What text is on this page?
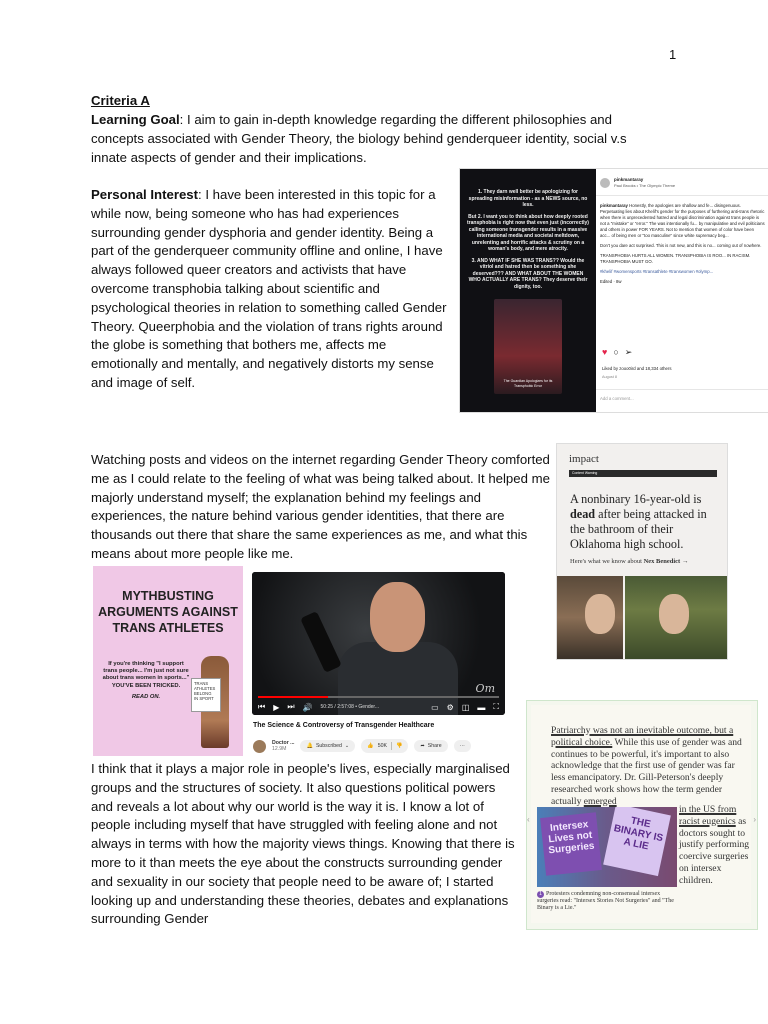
1
Criteria A
Learning Goal: I aim to gain in-depth knowledge regarding the different philosophies and concepts associated with Gender Theory, the biology behind genderqueer identity, social v.s innate aspects of gender and their implications.
Personal Interest: I have been interested in this topic for a while now, being someone who has had experiences surrounding gender dysphoria and gender identity. Being a part of the genderqueer community offline and online, I have always followed queer creators and activists that have overcome transphobia talking about scientific and psychological theories in relation to something called Gender Theory. Queerphobia and the violation of trans rights around the globe is something that bothers me, affects me emotionally and mentally, and negatively distorts my sense and image of self.

1. They darn well better be apologizing for spreading misinformation - as a NEWS source, no less.

But 2. I want you to think about how deeply rooted transphobia is right now that even just (incorrectly) calling someone transgender results in a massive international media and societal meltdown, unrelenting and horrific attacks & scrutiny on a woman's body, and mere atrocity.

3. AND WHAT IF SHE WAS TRANS?? Would the vitriol and hatred then be something she deserved??? AND WHAT ABOUT THE WOMEN WHO ACTUALLY ARE TRANS? They deserve their dignity, too.

The Guardian Apologizes for its Transphobic Error
pinkmantaray
Paul Brooks • The Olympic Theme

pinkmantaray Honestly, the apologies are shallow and fe... disingenuous. Perpetuating lies about Khelif's gender for the purposes of furthering anti-trans rhetoric when there is unprecedented hatred and legal discrimination against trans people is not a "mistake" or "error." The was intentionally fu... by manipulative and evil politicians and others in power FOR YEARS. Not to mention that women of color have been acc... of being men or "too masculine" since white supremacy beg...

Don't you dare act surprised. This is not new, and this is no... coming out of nowhere.

TRANSPHOBIA HURTS ALL WOMEN. TRANSPHOBIA IS ROO... IN RACISM. TRANSPHOBIA MUST GO.

#khelif #womensports #transathlete #transwomen #olymp...

Edited · 8w

♥ ○ ➢
Liked by zooo0ird and 18,334 others
August 8
Add a comment...
Watching posts and videos on the internet regarding Gender Theory comforted me as I could relate to the feeling of what was being talked about. It helped me majorly understand myself; the explanation behind my feelings and experiences, the nature behind various gender identities, that there are thousands out there that share the same experiences as me, and what this means about more people like me.
impact
Content Warning
A nonbinary 16-year-old is dead after being attacked in the bathroom of their Oklahoma high school.
Here's what we know about Nex Benedict →
MYTHBUSTING ARGUMENTS AGAINST TRANS ATHLETES
If you're thinking "I support trans people... I'm just not sure about trans women in sports..." YOU'VE BEEN TRICKED.
READ ON.
TRANS
ATHLETES
BELONG
IN SPORT
Om
⏮ ▶ ⏭ 🔊 50:25 / 2:57:08 • Gender...	▭ ⚙ ◫ ▬ ⛶
The Science & Controversy of Transgender Healthcare
Doctor ...
12.9M	🔔 Subscribed ⌄	👍 50K 👎	➦ Share	···
Patriarchy was not an inevitable outcome, but a political choice. While this use of gender was and continues to be powerful, it's important to also acknowledge that the first use of gender was far less emancipatory. Dr. Gill-Peterson's deeply researched work shows how the term gender actually emerged
Intersex Lives not Surgeries
THE BINARY IS A LIE
in the US from racist eugenics as doctors sought to justify performing coercive surgeries on intersex children.
1 Protesters condemning non-consensual intersex surgeries read: "Intersex Stories Not Surgeries" and "The Binary is a Lie."
‹	›
I think that it plays a major role in people's lives, especially marginalised groups and the structures of society. It also questions political powers and reveals a lot about why our world is the way it is. I know a lot of people including myself that have struggled with feeling alone and not always in terms with how the majority views things. Knowing that there is more to it than meets the eye about the constructs surrounding gender and sexuality in our society that people need to be aware of; I started looking up and understanding these theories, debates and explanations surrounding Gender
